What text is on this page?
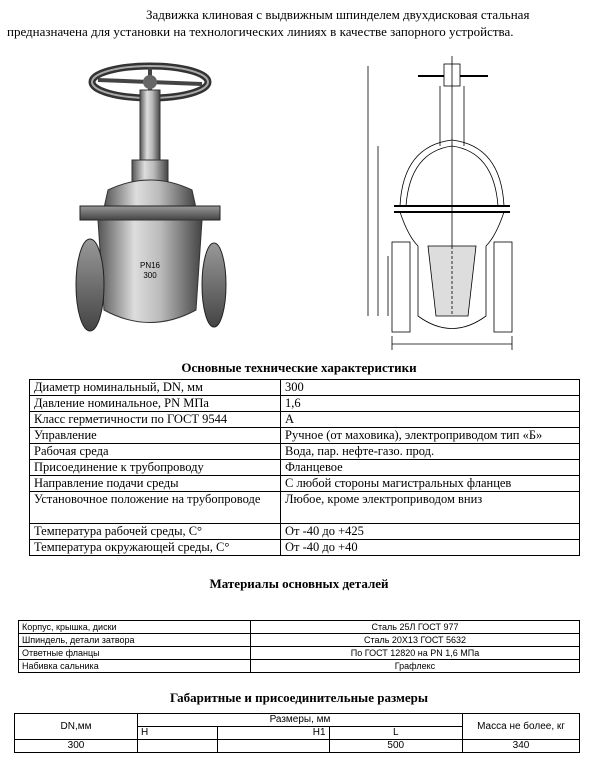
Задвижка клиновая с выдвижным шпинделем двухдисковая стальная
предназначена для установки на технологических линиях в качестве запорного устройства.
PN16
300
Основные технические характеристики
Диаметр номинальный, DN, мм	300
Давление номинальное, PN МПа	1,6
Класс герметичности по ГОСТ 9544	А
Управление	Ручное (от маховика), электроприводом тип «Б»
Рабочая среда	Вода, пар. нефте-газо. прод.
Присоединение к трубопроводу	Фланцевое
Направление подачи среды	С любой стороны магистральных фланцев
Установочное положение на трубопроводе	Любое, кроме электроприводом вниз
Температура рабочей среды, С°	От -40 до +425
Температура окружающей среды, С°	От -40 до +40
Материалы основных деталей
Корпус, крышка, диски	Сталь 25Л ГОСТ 977
Шпиндель, детали затвора	Сталь 20Х13 ГОСТ 5632
Ответные фланцы	По ГОСТ 12820 на PN 1,6 МПа
Набивка сальника	Графлекс
Габаритные и присоединительные размеры
DN,мм	Размеры, мм			Масса не более, кг
	H	H1	L	
300			500	340
